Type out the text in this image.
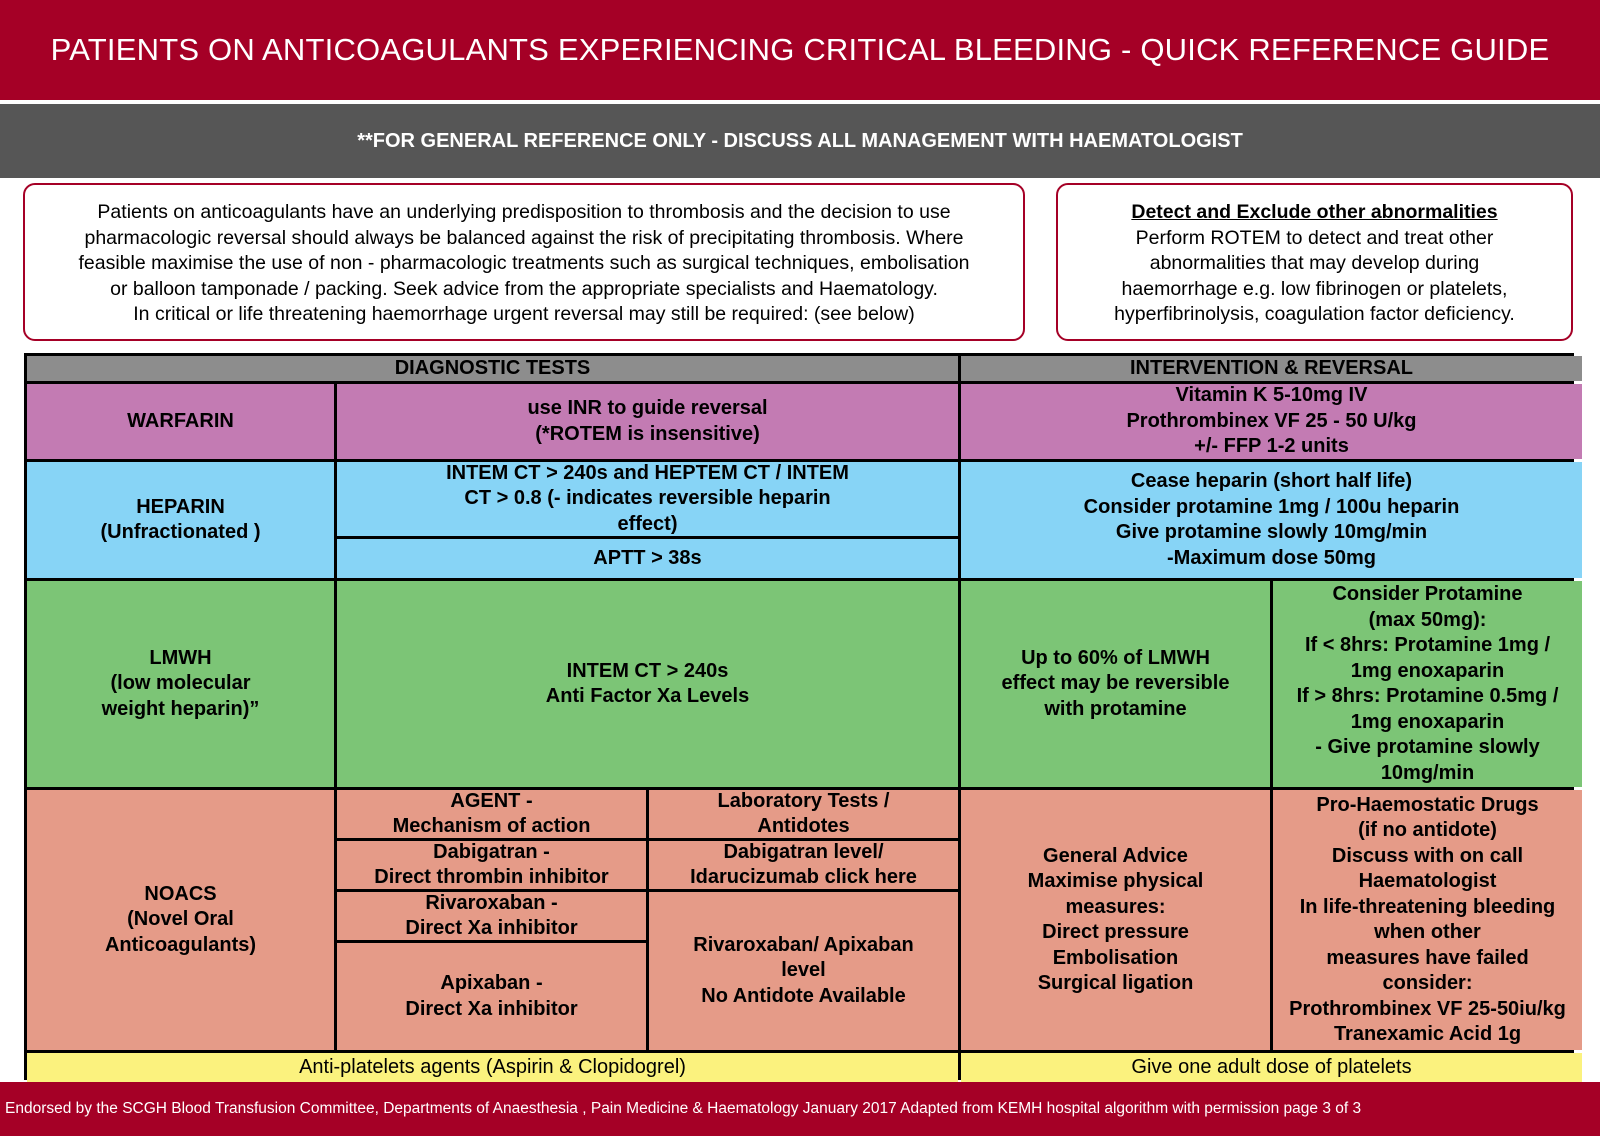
PATIENTS ON ANTICOAGULANTS EXPERIENCING CRITICAL BLEEDING - QUICK REFERENCE GUIDE
**FOR GENERAL REFERENCE ONLY - DISCUSS ALL MANAGEMENT WITH HAEMATOLOGIST

Patients on anticoagulants have an underlying predisposition to thrombosis and the decision to use

pharmacologic reversal should always be balanced against the risk of precipitating thrombosis. Where

feasible maximise the use of non - pharmacologic treatments such as surgical techniques, embolisation

or balloon tamponade / packing. Seek advice from the appropriate specialists and Haematology.

In critical or life threatening haemorrhage urgent reversal may still be required: (see below)

Detect and Exclude other abnormalities

Perform ROTEM to detect and treat other

abnormalities that may develop during

haemorrhage e.g. low fibrinogen or platelets,

hyperfibrinolysis, coagulation factor deficiency.

DIAGNOSTIC TESTS	INTERVENTION & REVERSAL
WARFARIN
use INR to guide reversal
(*ROTEM is insensitive)
Vitamin K 5-10mg IV
Prothrombinex VF 25 - 50 U/kg
+/- FFP 1-2 units
HEPARIN
(Unfractionated )
INTEM CT > 240s and HEPTEM CT / INTEM
CT > 0.8 (- indicates reversible heparin
effect)
APTT > 38s
Cease heparin (short half life)
Consider protamine 1mg / 100u heparin
Give protamine slowly 10mg/min
-Maximum dose 50mg
LMWH
(low molecular
weight heparin)”
INTEM CT > 240s
Anti Factor Xa Levels
Up to 60% of LMWH
effect may be reversible
with protamine
Consider Protamine
(max 50mg):
If < 8hrs: Protamine 1mg /
1mg enoxaparin
If > 8hrs: Protamine 0.5mg /
1mg enoxaparin
- Give protamine slowly
10mg/min
NOACS
(Novel Oral
Anticoagulants)
AGENT -
Mechanism of action
Dabigatran -
Direct thrombin inhibitor
Rivaroxaban -
Direct Xa inhibitor
Apixaban -
Direct Xa inhibitor
Laboratory Tests /
Antidotes
Dabigatran level/
Idarucizumab click here
Rivaroxaban/ Apixaban
level
No Antidote Available
General Advice
Maximise physical
measures:
Direct pressure
Embolisation
Surgical ligation
Pro-Haemostatic Drugs
(if no antidote)
Discuss with on call
Haematologist
In life-threatening bleeding
when other
measures have failed
consider:
Prothrombinex VF 25-50iu/kg
Tranexamic Acid 1g
Anti-platelets agents (Aspirin & Clopidogrel)	Give one adult dose of platelets
Endorsed by the SCGH Blood Transfusion Committee, Departments of Anaesthesia , Pain Medicine & Haematology January 2017 Adapted from KEMH hospital algorithm with permission page 3 of 3
